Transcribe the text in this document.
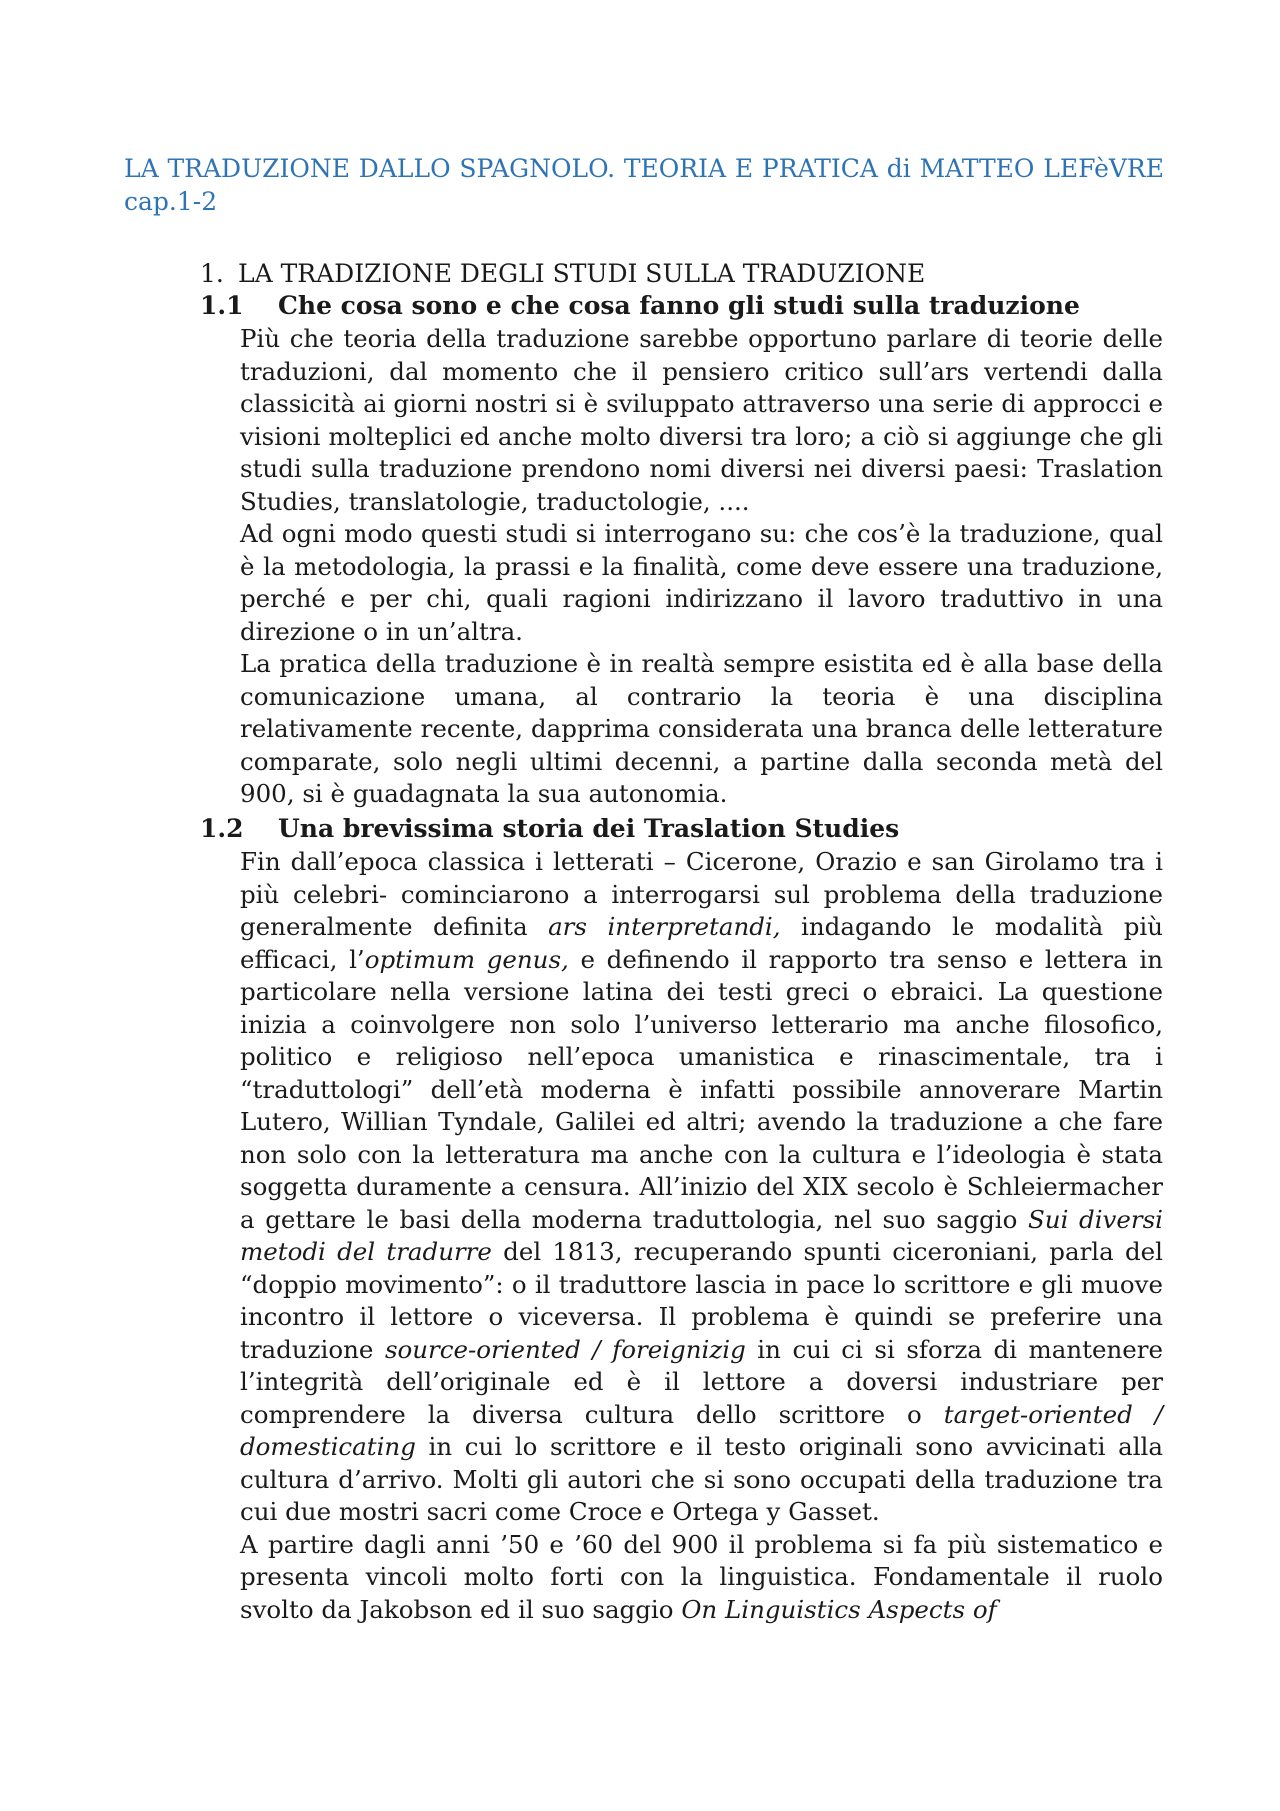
LA TRADUZIONE DALLO SPAGNOLO. TEORIA E PRATICA di MATTEO LEFèVRE cap.1-2
1. LA TRADIZIONE DEGLI STUDI SULLA TRADUZIONE
1.1 Che cosa sono e che cosa fanno gli studi sulla traduzione

Più che teoria della traduzione sarebbe opportuno parlare di teorie delle traduzioni, dal momento che il pensiero critico sull’ars vertendi dalla classicità ai giorni nostri si è sviluppato attraverso una serie di approcci e visioni molteplici ed anche molto diversi tra loro; a ciò si aggiunge che gli studi sulla traduzione prendono nomi diversi nei diversi paesi: Traslation Studies, translatologie, traductologie, ....

Ad ogni modo questi studi si interrogano su: che cos’è la traduzione, qual è la metodologia, la prassi e la finalità, come deve essere una traduzione, perché e per chi, quali ragioni indirizzano il lavoro traduttivo in una direzione o in un’altra.

La pratica della traduzione è in realtà sempre esistita ed è alla base della comunicazione umana, al contrario la teoria è una disciplina relativamente recente, dapprima considerata una branca delle letterature comparate, solo negli ultimi decenni, a partine dalla seconda metà del 900, si è guadagnata la sua autonomia.

1.2 Una brevissima storia dei Traslation Studies

Fin dall’epoca classica i letterati – Cicerone, Orazio e san Girolamo tra i più celebri- cominciarono a interrogarsi sul problema della traduzione generalmente definita ars interpretandi, indagando le modalità più efficaci, l’optimum genus, e definendo il rapporto tra senso e lettera in particolare nella versione latina dei testi greci o ebraici. La questione inizia a coinvolgere non solo l’universo letterario ma anche filosofico, politico e religioso nell’epoca umanistica e rinascimentale, tra i “traduttologi” dell’età moderna è infatti possibile annoverare Martin Lutero, Willian Tyndale, Galilei ed altri; avendo la traduzione a che fare non solo con la letteratura ma anche con la cultura e l’ideologia è stata soggetta duramente a censura. All’inizio del XIX secolo è Schleiermacher a gettare le basi della moderna traduttologia, nel suo saggio Sui diversi metodi del tradurre del 1813, recuperando spunti ciceroniani, parla del “doppio movimento”: o il traduttore lascia in pace lo scrittore e gli muove incontro il lettore o viceversa. Il problema è quindi se preferire una traduzione source-oriented / foreignizig in cui ci si sforza di mantenere l’integrità dell’originale ed è il lettore a doversi industriare per comprendere la diversa cultura dello scrittore o target-oriented / domesticating in cui lo scrittore e il testo originali sono avvicinati alla cultura d’arrivo. Molti gli autori che si sono occupati della traduzione tra cui due mostri sacri come Croce e Ortega y Gasset.

A partire dagli anni ’50 e ’60 del 900 il problema si fa più sistematico e presenta vincoli molto forti con la linguistica. Fondamentale il ruolo svolto da Jakobson ed il suo saggio On Linguistics Aspects of
